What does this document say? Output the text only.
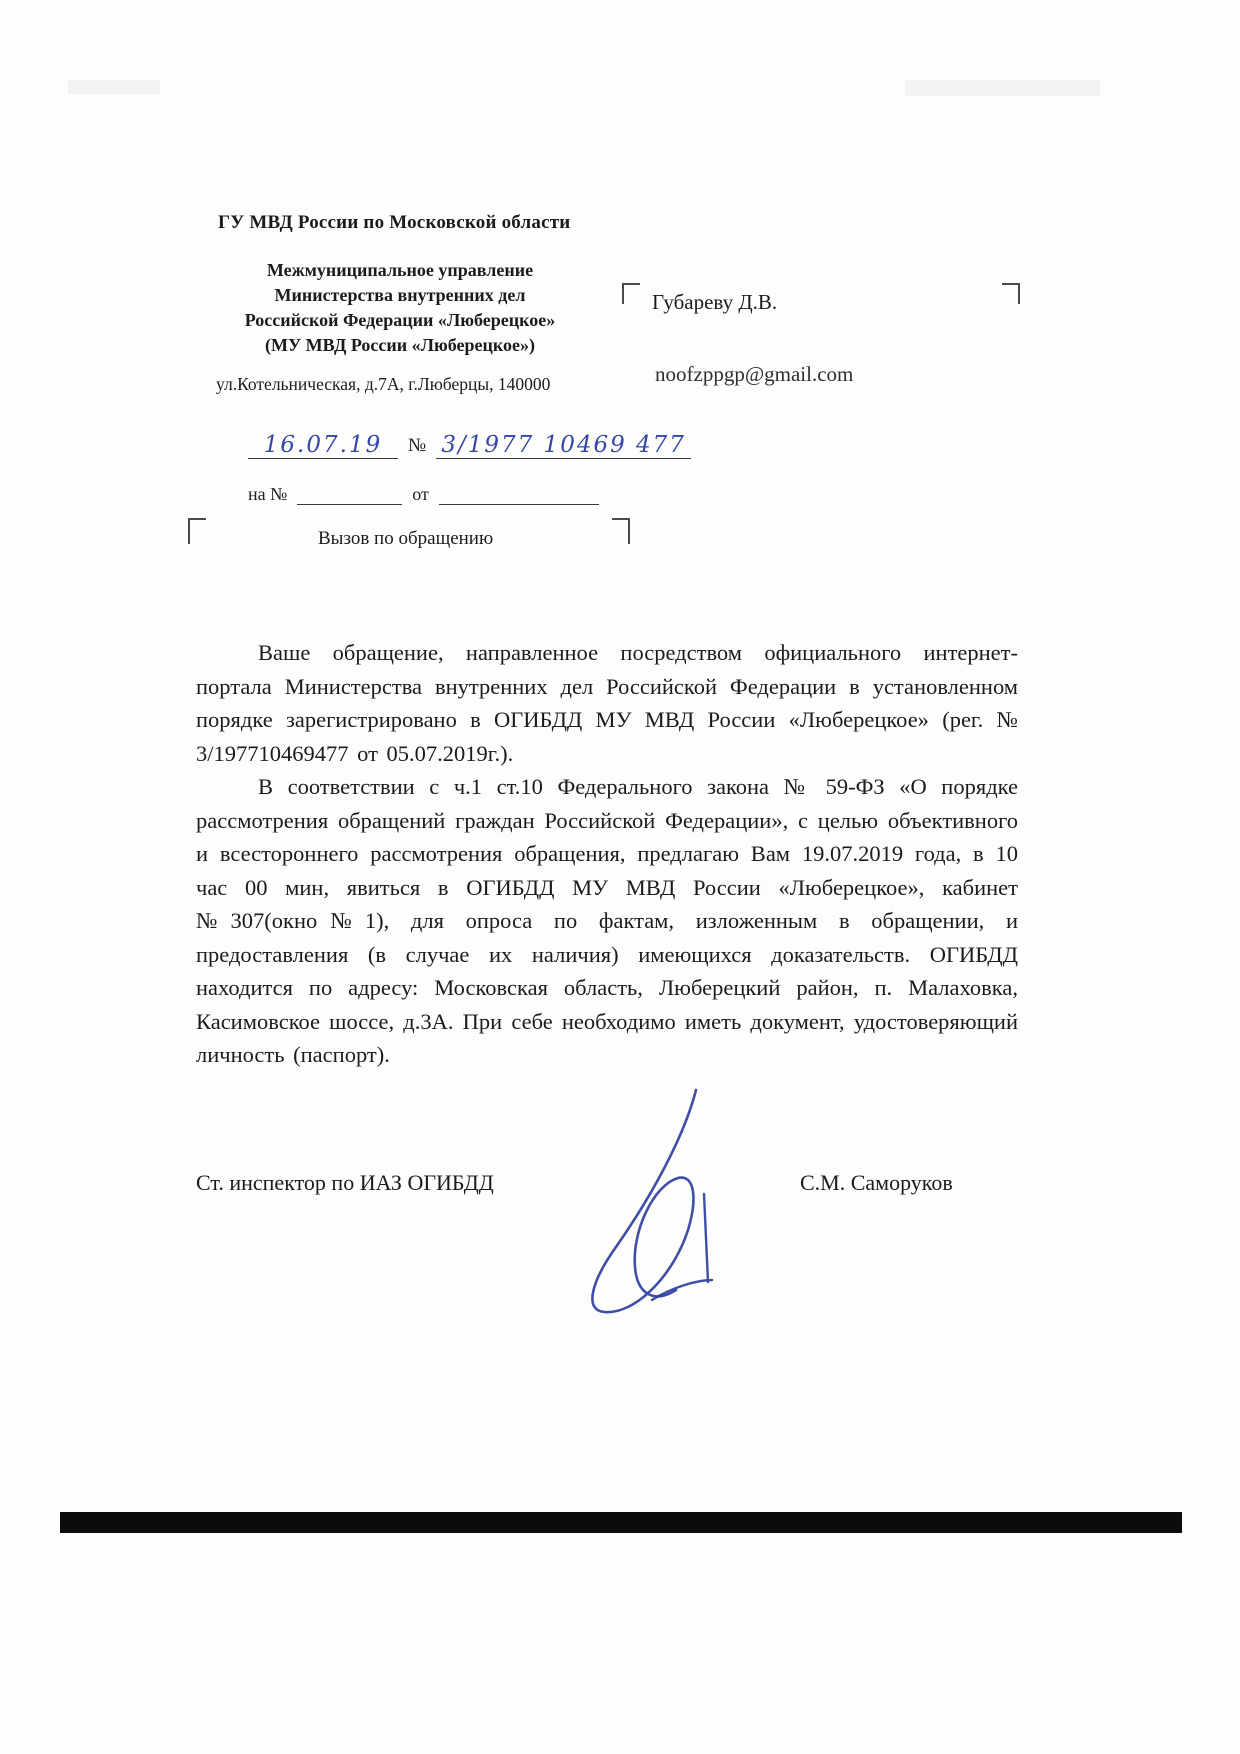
ГУ МВД России по Московской области
Межмуниципальное управление
Министерства внутренних дел
Российской Федерации «Люберецкое»
(МУ МВД России «Люберецкое»)
ул.Котельническая, д.7А, г.Люберцы, 140000
Губареву Д.В.
noofzppgp@gmail.com
16.07.19	№ 3/1977 10469 477
на №	от
Вызов по обращению

Ваше обращение, направленное посредством официального интернет-портала Министерства внутренних дел Российской Федерации в установленном порядке зарегистрировано в ОГИБДД МУ МВД России «Люберецкое» (рег. № 3/197710469477 от 05.07.2019г.).

В соответствии с ч.1 ст.10 Федерального закона № 59-ФЗ «О порядке рассмотрения обращений граждан Российской Федерации», с целью объективного и всестороннего рассмотрения обращения, предлагаю Вам 19.07.2019 года, в 10 час 00 мин, явиться в ОГИБДД МУ МВД России «Люберецкое», кабинет №307(окно№1), для опроса по фактам, изложенным в обращении, и предоставления (в случае их наличия) имеющихся доказательств. ОГИБДД находится по адресу: Московская область, Люберецкий район, п. Малаховка, Касимовское шоссе, д.3А. При себе необходимо иметь документ, удостоверяющий личность (паспорт).

Ст. инспектор по ИАЗ ОГИБДД	С.М. Саморуков
